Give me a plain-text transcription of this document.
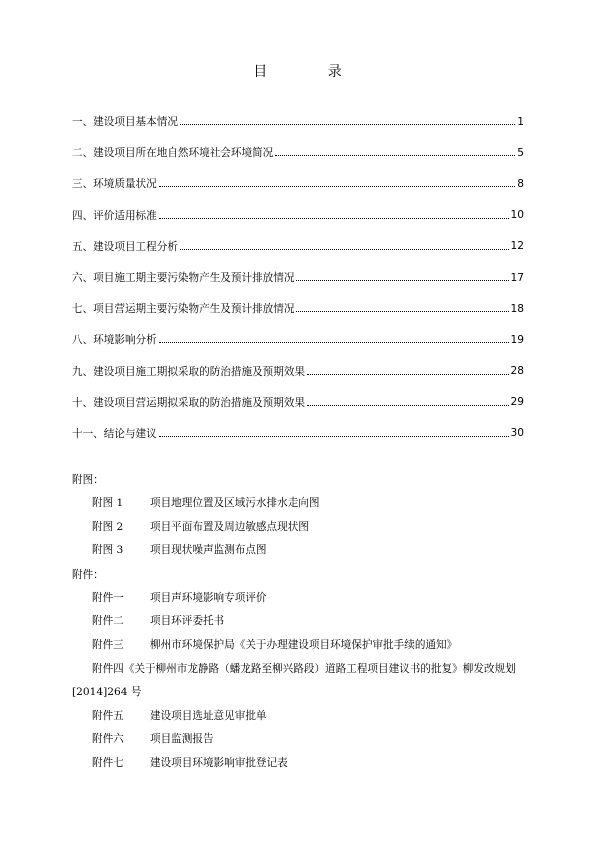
目 录
一、建设项目基本情况	1
二、建设项目所在地自然环境社会环境简况	5
三、环境质量状况	8
四、评价适用标准	10
五、建设项目工程分析	12
六、项目施工期主要污染物产生及预计排放情况	17
七、项目营运期主要污染物产生及预计排放情况	18
八、环境影响分析	19
九、建设项目施工期拟采取的防治措施及预期效果	28
十、建设项目营运期拟采取的防治措施及预期效果	29
十一、结论与建议	30
附图：
附图 1	项目地理位置及区域污水排水走向图
附图 2	项目平面布置及周边敏感点现状图
附图 3	项目现状噪声监测布点图
附件：
附件一 项目声环境影响专项评价
附件二 项目环评委托书
附件三 柳州市环境保护局《关于办理建设项目环境保护审批手续的通知》
附件四《关于柳州市龙静路（蟠龙路至柳兴路段）道路工程项目建议书的批复》柳发改规划[2014]264 号
附件五 建设项目选址意见审批单
附件六 项目监测报告
附件七 建设项目环境影响审批登记表
